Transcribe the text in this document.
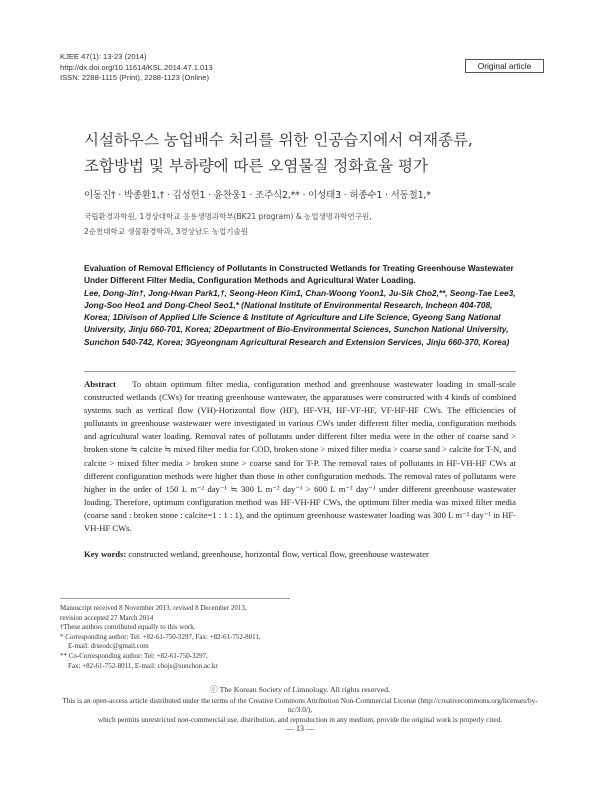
KJEE 47(1): 13-23 (2014)
http://dx.doi.org/10.11614/KSL.2014.47.1.013
ISSN: 2288-1115 (Print), 2288-1123 (Online)
Original article
시설하우스 농업배수 처리를 위한 인공습지에서 여재종류,
조합방법 및 부하량에 따른 오염물질 정화효율 평가
이동진† · 박종환1,† · 김성헌1 · 윤찬웅1 · 조주식2,** · 이성태3 · 허종수1 · 서동철1,*
국립환경과학원, 1경상대학교 응용생명과학부(BK21 program) & 농업생명과학연구원,
2순천대학교 생물환경학과, 3경상남도 농업기술원
Evaluation of Removal Efficiency of Pollutants in Constructed Wetlands for Treating Greenhouse Wastewater Under Different Filter Media, Configuration Methods and Agricultural Water Loading.
Lee, Dong-Jin†, Jong-Hwan Park1,†, Seong-Heon Kim1, Chan-Woong Yoon1, Ju-Sik Cho2,**, Seong-Tae Lee3, Jong-Soo Heo1 and Dong-Cheol Seo1,* (National Institute of Environmental Research, Incheon 404-708, Korea; 1Divison of Applied Life Science & Institute of Agriculture and Life Science, Gyeong Sang National University, Jinju 660-701, Korea; 2Department of Bio-Environmental Sciences, Sunchon National University, Sunchon 540-742, Korea; 3Gyeongnam Agricultural Research and Extension Services, Jinju 660-370, Korea)
Abstract To obtain optimum filter media, configuration method and greenhouse wastewater loading in small-scale constructed wetlands (CWs) for treating greenhouse wastewater, the apparatuses were constructed with 4 kinds of combined systems such as vertical flow (VH)-Horizontal flow (HF), HF-VH, HF-VF-HF, VF-HF-HF CWs. The efficiencies of pollutants in greenhouse wastewater were investigated in various CWs under different filter media, configuration methods and agricultural water loading. Removal rates of pollutants under different filter media were in the other of coarse sand > broken stone ≒ calcite ≒ mixed filter media for COD, broken stone > mixed filter media > coarse sand > calcite for T-N, and calcite > mixed filter media > broken stone > coarse sand for T-P. The removal rates of pollutants in HF-VH-HF CWs at different configuration methods were higher than those in other configuration methods. The removal rates of pollutants were higher in the order of 150 L m⁻² day⁻¹ ≒ 300 L m⁻² day⁻¹ > 600 L m⁻² day⁻¹ under different greenhouse wastewater loading. Therefore, optimum configuration method was HF-VH-HF CWs, the optimum filter media was mixed filter media (coarse sand : broken stone : calcite=1 : 1 : 1), and the optimum greenhouse wastewater loading was 300 L m⁻² day⁻¹ in HF-VH-HF CWs.
Key words: constructed wetland, greenhouse, horizontal flow, vertical flow, greenhouse wastewater
Manuscript received 8 November 2013, revised 8 December 2013,
revision accepted 27 March 2014
†These authors contributed equally to this work.
* Corresponding author: Tel: +82-61-750-3297, Fax: +82-61-752-8011,
E-mail: drseodc@gmail.com
** Co-Corresponding author: Tel: +82-61-750-3297,
Fax: +82-61-752-8011, E-mail: chojs@sunchon.ac.kr
ⓒ The Korean Society of Limnology. All rights reserved.
This is an open-access article distributed under the terms of the Creative Commons Attribution Non-Commercial License (http://creativecommons.org/licenses/by-nc/3.0/),
which permits unrestricted non-commercial use, distribution, and reproduction in any medium, provide the original work is properly cited.
— 13 —
